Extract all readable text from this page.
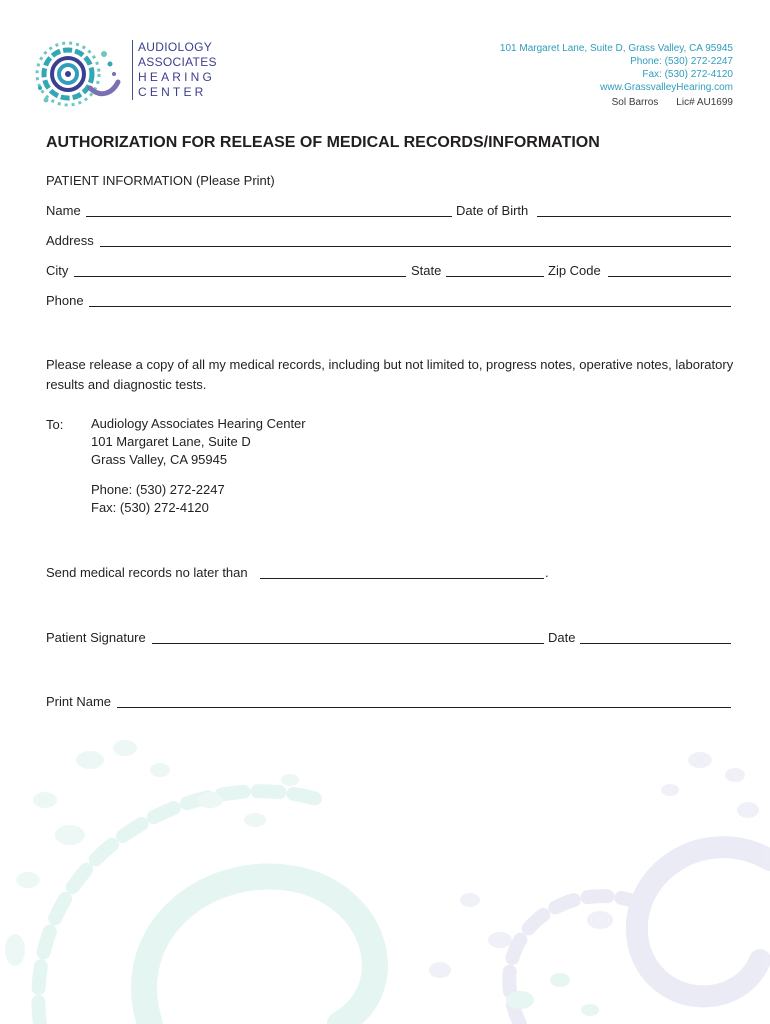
AUDIOLOGY
ASSOCIATES
HEARING
CENTER
101 Margaret Lane, Suite D, Grass Valley, CA 95945
Phone: (530) 272-2247
Fax: (530) 272-4120
www.GrassvalleyHearing.com
Sol Barros Lic# AU1699
AUTHORIZATION FOR RELEASE OF MEDICAL RECORDS/INFORMATION
PATIENT INFORMATION (Please Print)
Name	Date of Birth
Address
City	State	Zip Code
Phone
Please release a copy of all my medical records, including but not limited to, progress notes, operative notes, laboratory results and diagnostic tests.
To: Audiology Associates Hearing Center
101 Margaret Lane, Suite D
Grass Valley, CA 95945
Phone: (530) 272-2247
Fax: (530) 272-4120
Send medical records no later than	.
Patient Signature	Date
Print Name
